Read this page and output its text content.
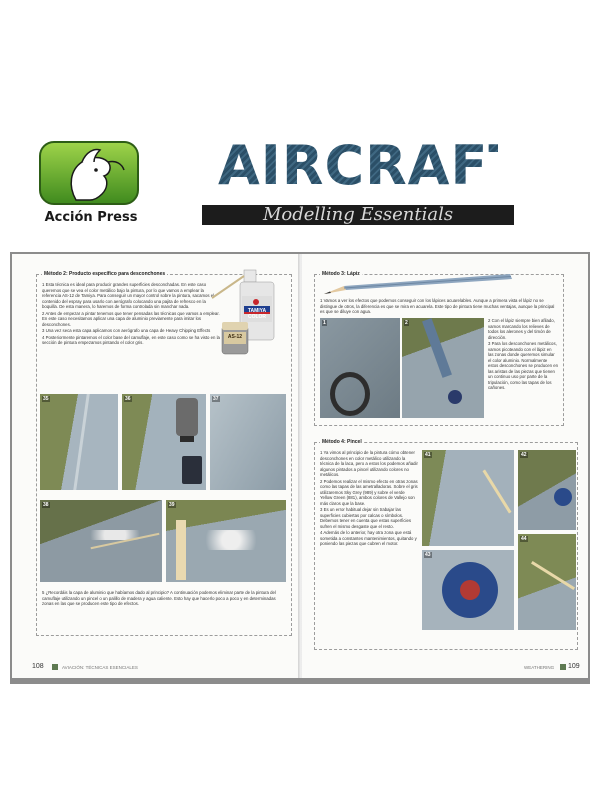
Acción Press
AIRCRAFT
Modelling Essentials
Método 2: Producto específico para desconchones

1 Esta técnica es ideal para producir grandes superficies desconchadas. En este caso queremos que se vea el color metálico bajo la pintura, por lo que vamos a emplear la referencia AS-12 de Tamiya. Para conseguir un mayor control sobre la pintura, sacamos el contenido del espray para usarlo con aerógrafo colocando una pajita de refresco en la boquilla. De esta manera, lo haremos de forma controlada sin manchar nada.

2 Antes de empezar a pintar tenemos que tener pensadas las técnicas que vamos a emplear. En este caso necesitamos aplicar una capa de aluminio previamente para imitar los desconchones.

3 Una vez seca esta capa aplicamos con aerógrafo una capa de Heavy Chipping Effects

4 Posteriormente pintaremos el color base del camuflaje, en este caso como se ha visto en la sección de pintura empezamos pintando el color gris.

TAMIYA COLOR
AS-12
35	36	37
38	39
5 ¿Recordáis la capa de aluminio que habíamos dado al principio? A continuación podemos eliminar parte de la pintura del camuflaje utilizando un pincel o un palillo de madera y agua caliente. Esto hay que hacerlo poco a poco y en determinadas zonas en las que se producen este tipo de efectos.
108	AVIACIÓN: TÉCNICAS ESENCIALES
Método 3: Lápiz
1 Vamos a ver los efectos que podemos conseguir con los lápices acuarelables. Aunque a primera vista el lápiz no se distingue de otros, la diferencia es que se mira en acuarela. Este tipo de pintura tiene muchas ventajas, aunque la principal es que se diluye con agua.
1	2	2 Con el lápiz siempre bien afilado, vamos marcando los relieves de todos los alerones y del timón de dirección.

3 Para los desconchones metálicos, vamos picoteando con el lápiz en las zonas donde queremos simular el color aluminio. Normalmente estos desconchones se producen en las aristas de las piezas que tienen un continuo uso por parte de la tripulación, como las tapas de los cañones.

Método 4: Pincel

1 Ya vimos al principio de la pintura cómo obtener desconchones en color metálico utilizando la técnica de la laca, pero a estos los podemos añadir algunos pintados a pincel utilizando colores no metálicos.

2 Podemos realizar el mismo efecto en otras zonas como las tapas de las ametralladoras. Sobre el gris utilizaremos Sky Grey (989) y sobre el verde Yellow Green (881), ambos colores de Vallejo son más claros que la base.

3 Es un error habitual dejar sin trabajar las superficies cubiertas por calcas o símbolos. Debemos tener en cuenta que estas superficies sufren el mismo desgaste que el resto.

4 Además de lo anterior, hay otra zona que está sometida a constantes mantenimientos, quitando y poniendo las piezas que cubren el motor.

41	42
43
44
WEATHERING 109
